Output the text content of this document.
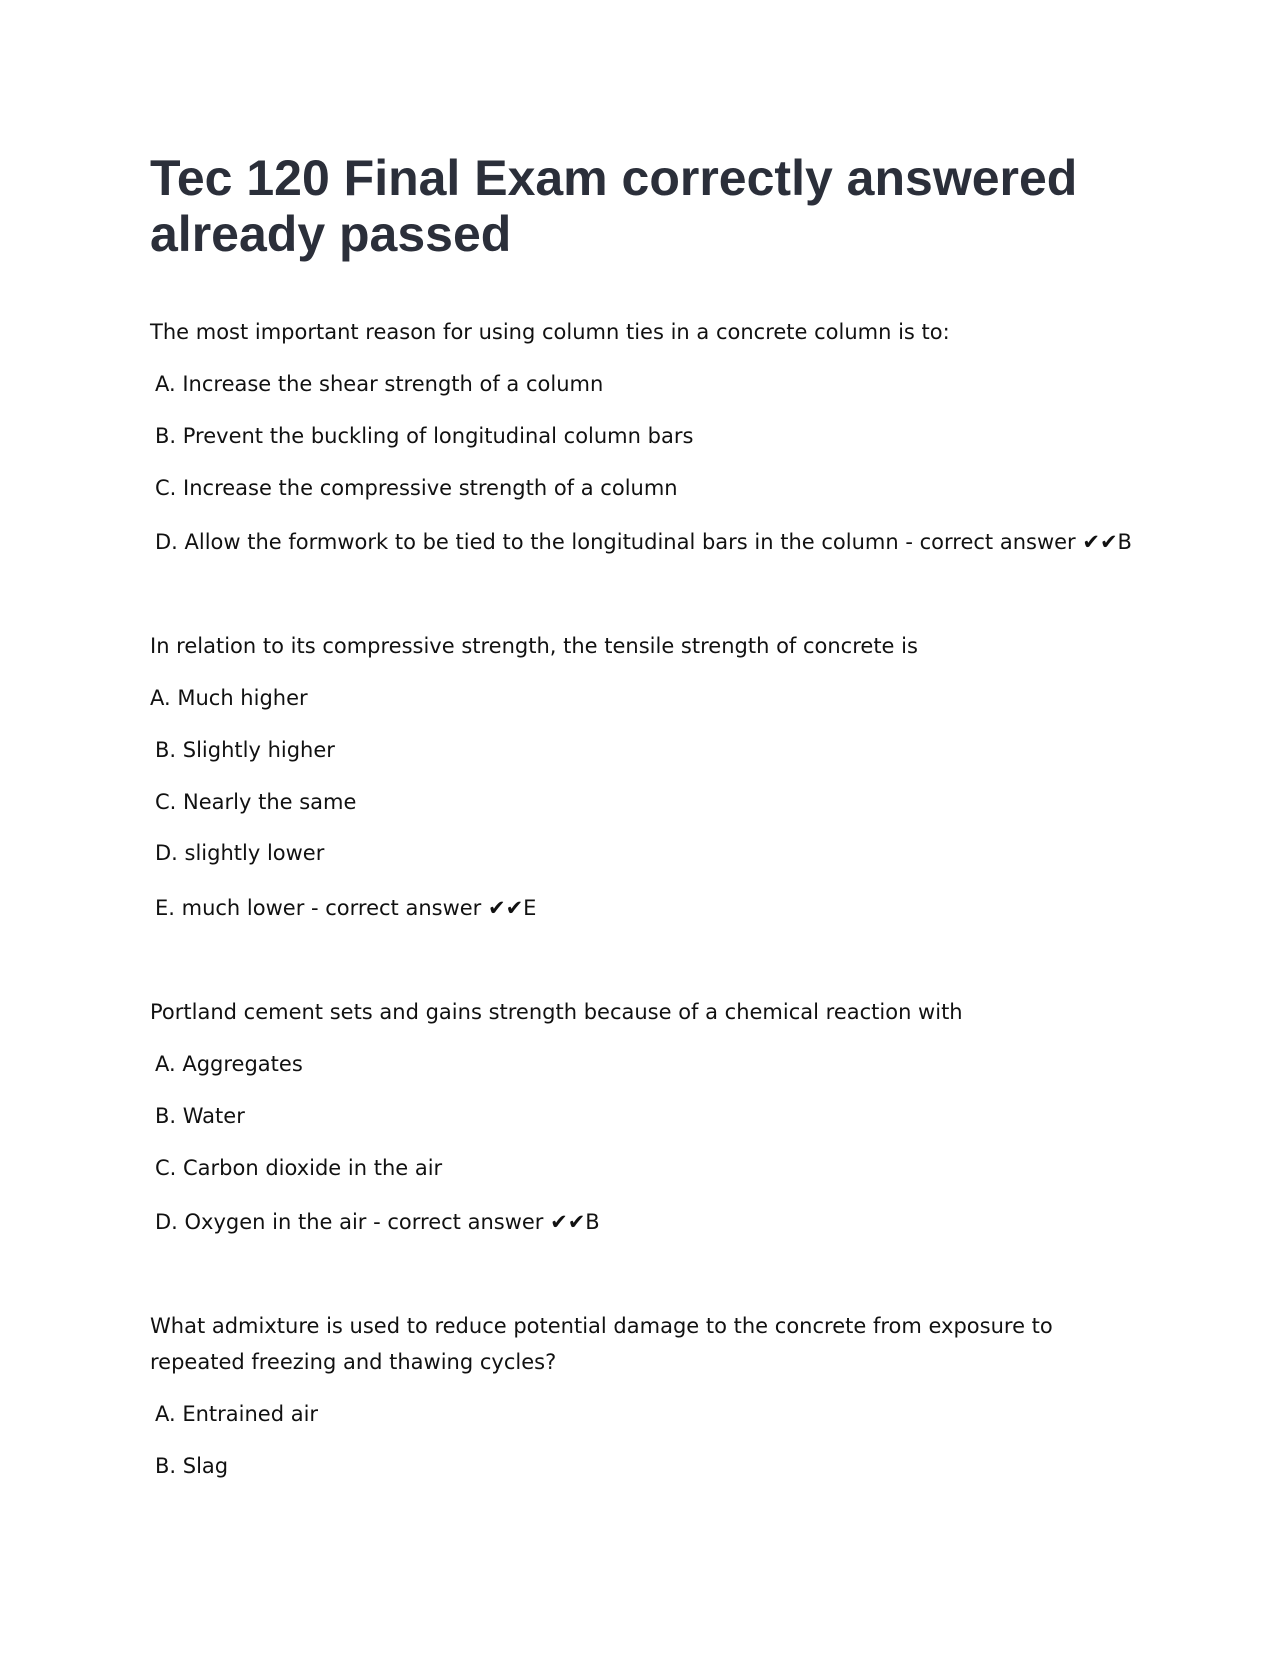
Tec 120 Final Exam correctly answered already passed

The most important reason for using column ties in a concrete column is to:

A. Increase the shear strength of a column

B. Prevent the buckling of longitudinal column bars

C. Increase the compressive strength of a column

D. Allow the formwork to be tied to the longitudinal bars in the column - correct answer ✔✔B

In relation to its compressive strength, the tensile strength of concrete is

A. Much higher

B. Slightly higher

C. Nearly the same

D. slightly lower

E. much lower - correct answer ✔✔E

Portland cement sets and gains strength because of a chemical reaction with

A. Aggregates

B. Water

C. Carbon dioxide in the air

D. Oxygen in the air - correct answer ✔✔B

What admixture is used to reduce potential damage to the concrete from exposure to repeated freezing and thawing cycles?

A. Entrained air

B. Slag
